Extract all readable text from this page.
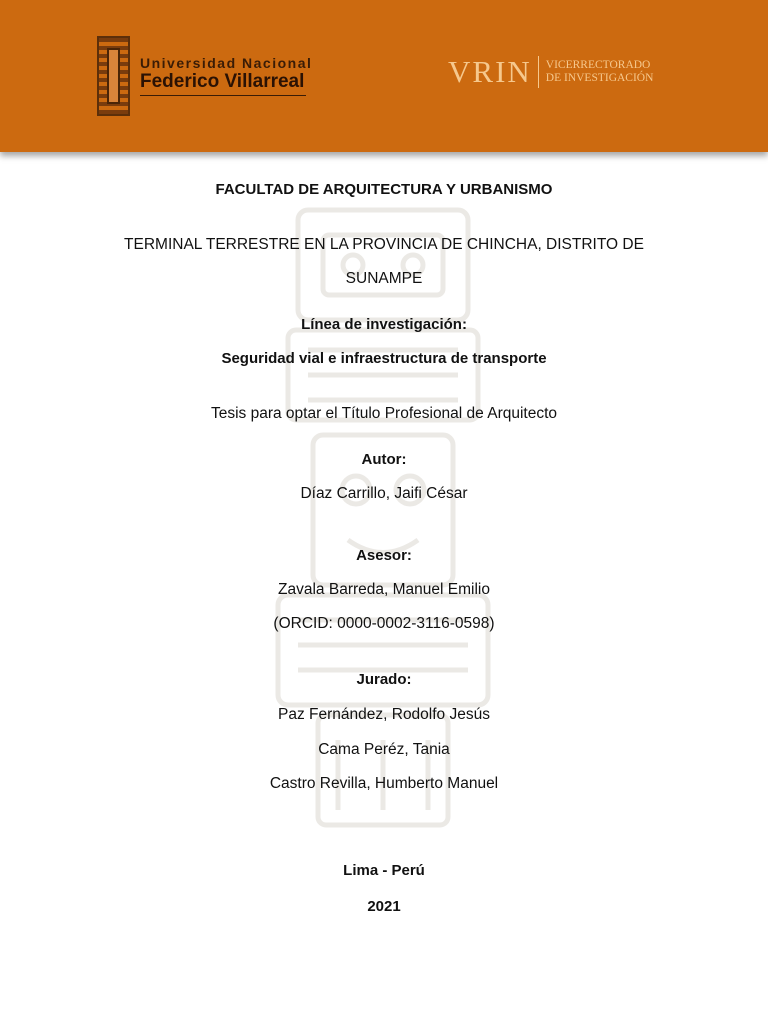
Universidad Nacional
Federico Villarreal	VRIN VICERRECTORADO
DE INVESTIGACIÓN
FACULTAD DE ARQUITECTURA Y URBANISMO
TERMINAL TERRESTRE EN LA PROVINCIA DE CHINCHA, DISTRITO DE
SUNAMPE
Línea de investigación:
Seguridad vial e infraestructura de transporte
Tesis para optar el Título Profesional de Arquitecto
Autor:
Díaz Carrillo, Jaifi César
Asesor:
Zavala Barreda, Manuel Emilio
(ORCID: 0000-0002-3116-0598)
Jurado:
Paz Fernández, Rodolfo Jesús
Cama Peréz, Tania
Castro Revilla, Humberto Manuel
Lima - Perú
2021
